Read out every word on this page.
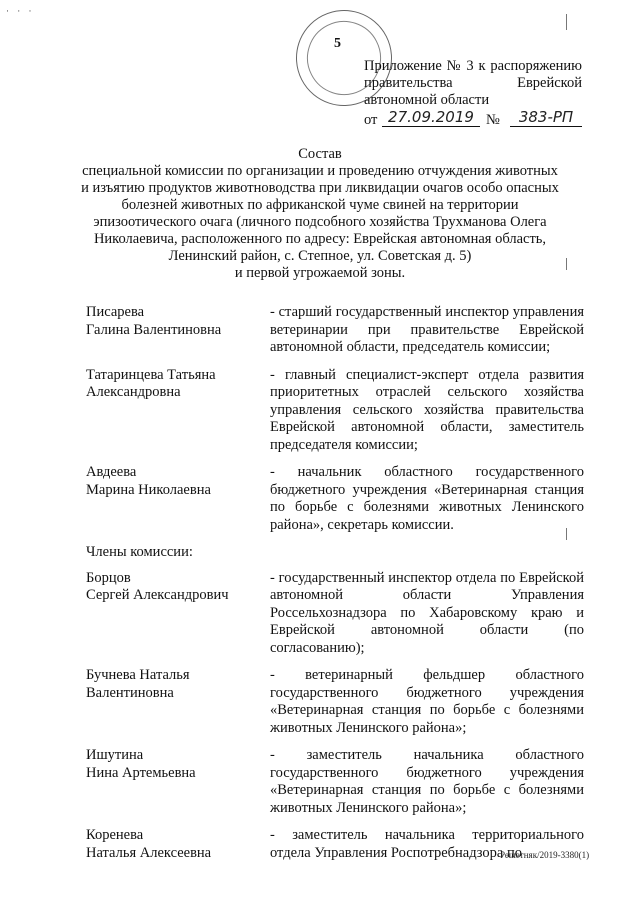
· · ·
5
Приложение № 3 к распоряжению
правительства Еврейской
автономной области
от 27.09.2019 №	383-РП
Состав
специальной комиссии по организации и проведению отчуждения животных
и изъятию продуктов животноводства при ликвидации очагов особо опасных
болезней животных по африканской чуме свиней на территории
эпизоотического очага (личного подсобного хозяйства Трухманова Олега
Николаевича, расположенного по адресу: Еврейская автономная область,
Ленинский район, с. Степное, ул. Советская д. 5)
и первой угрожаемой зоны.
Писарева
Галина Валентиновна
- старший государственный инспектор управления ветеринарии при правительстве Еврейской автономной области, председатель комиссии;
Татаринцева Татьяна Александровна
- главный специалист-эксперт отдела развития приоритетных отраслей сельского хозяйства управления сельского хозяйства правительства Еврейской автономной области, заместитель председателя комиссии;
Авдеева
Марина Николаевна
- начальник областного государственного бюджетного учреждения «Ветеринарная станция по борьбе с болезнями животных Ленинского района», секретарь комиссии.
Члены комиссии:
Борцов
Сергей Александрович
- государственный инспектор отдела по Еврейской автономной области Управления Россельхознадзора по Хабаровскому краю и Еврейской автономной области (по согласованию);
Бучнева Наталья Валентиновна
- ветеринарный фельдшер областного государственного бюджетного учреждения «Ветеринарная станция по борьбе с болезнями животных Ленинского района»;
Ишутина
Нина Артемьевна
- заместитель начальника областного государственного бюджетного учреждения «Ветеринарная станция по борьбе с болезнями животных Ленинского района»;
Коренева
Наталья Алексеевна
- заместитель начальника территориального отдела Управления Роспотребнадзора по
Решетняк/2019-3380(1)
